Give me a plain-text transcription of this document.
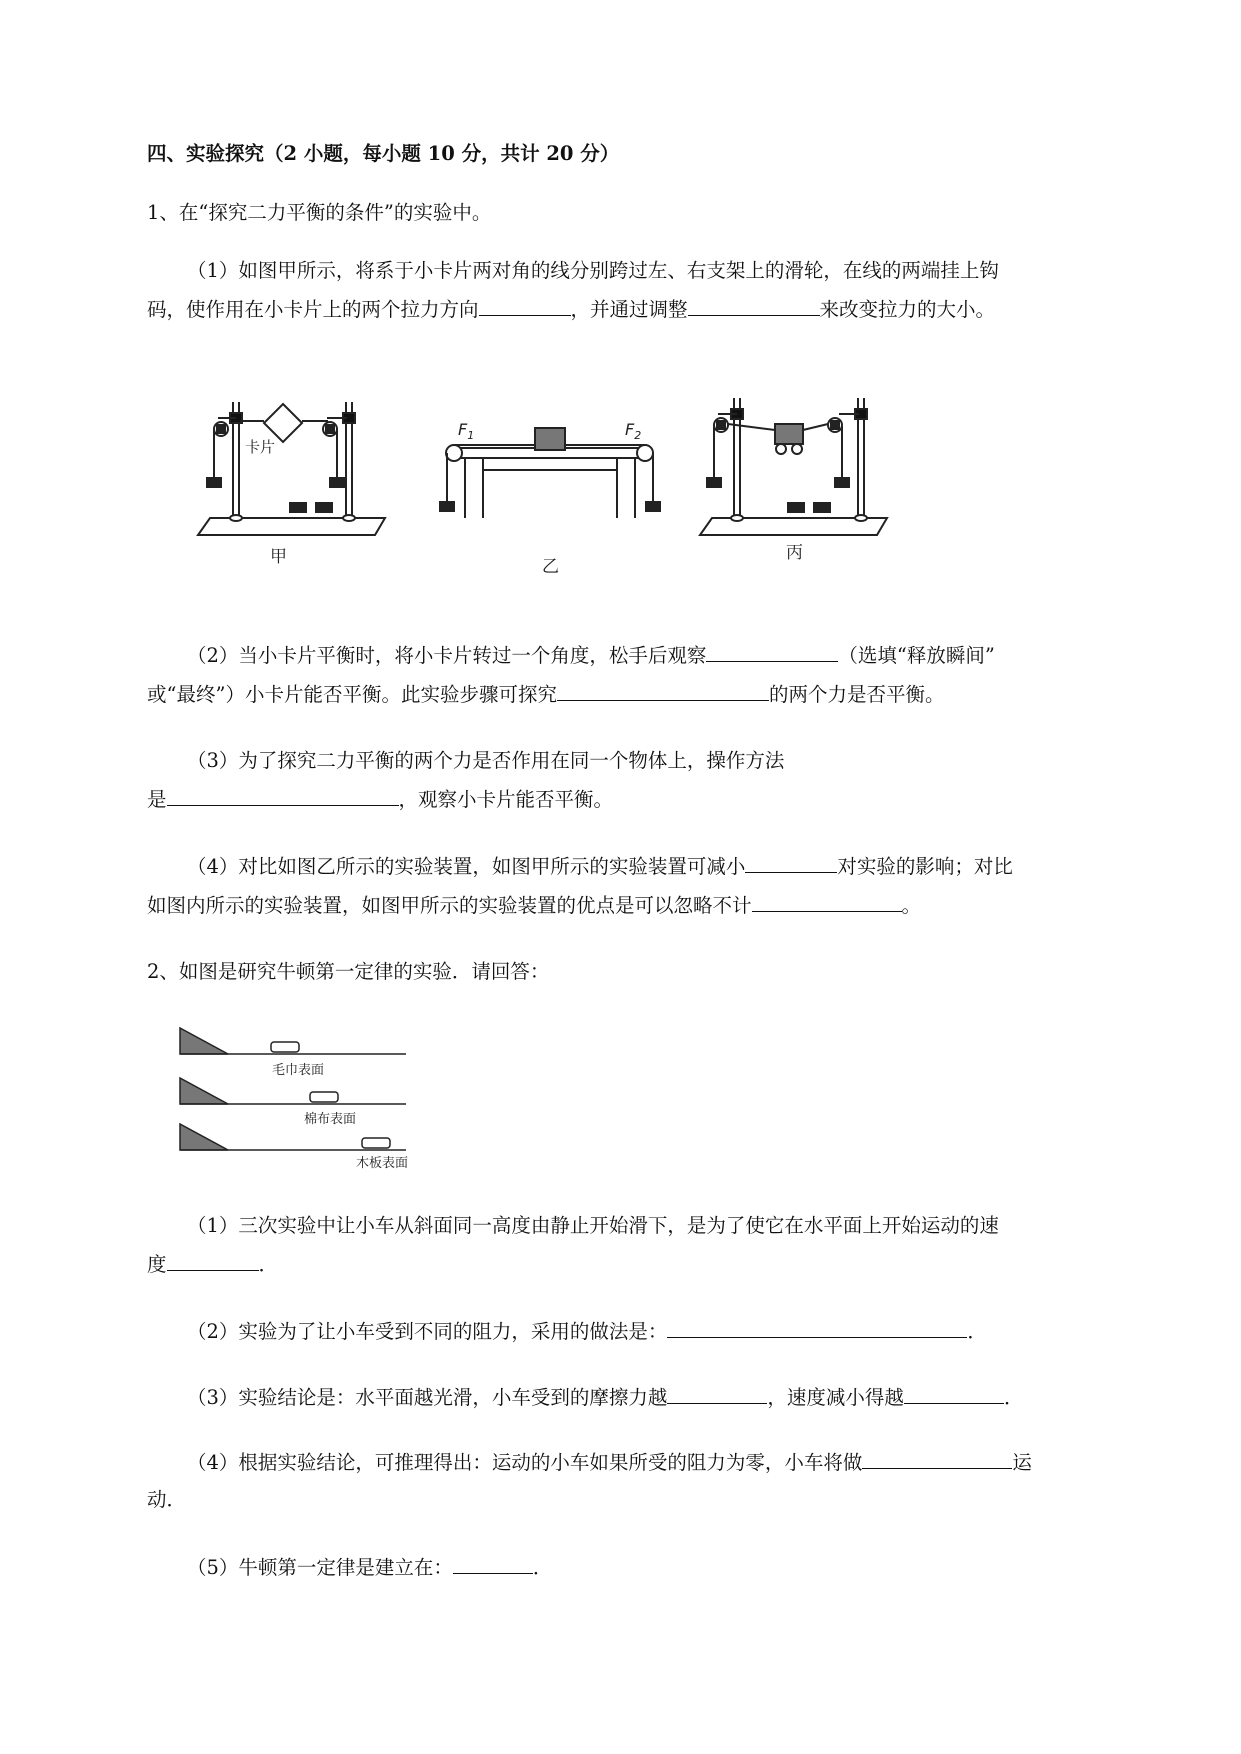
四、实验探究（2 小题，每小题 10 分，共计 20 分）
1、在“探究二力平衡的条件”的实验中。
（1）如图甲所示，将系于小卡片两对角的线分别跨过左、右支架上的滑轮，在线的两端挂上钩
码，使作用在小卡片上的两个拉力方向	，并通过调整	来改变拉力的大小。
卡片
甲
$F_1$	$F_2$
乙
丙
（2）当小卡片平衡时，将小卡片转过一个角度，松手后观察	（选填“释放瞬间”
或“最终”）小卡片能否平衡。此实验步骤可探究	的两个力是否平衡。
（3）为了探究二力平衡的两个力是否作用在同一个物体上，操作方法
是	，观察小卡片能否平衡。
（4）对比如图乙所示的实验装置，如图甲所示的实验装置可减小	对实验的影响；对比
如图内所示的实验装置，如图甲所示的实验装置的优点是可以忽略不计	。
2、如图是研究牛顿第一定律的实验．请回答：
毛巾表面
棉布表面
木板表面
（1）三次实验中让小车从斜面同一高度由静止开始滑下，是为了使它在水平面上开始运动的速
度	．
（2）实验为了让小车受到不同的阻力，采用的做法是：	．
（3）实验结论是：水平面越光滑，小车受到的摩擦力越	，速度减小得越	．
（4）根据实验结论，可推理得出：运动的小车如果所受的阻力为零，小车将做	运
动．
（5）牛顿第一定律是建立在：	．
